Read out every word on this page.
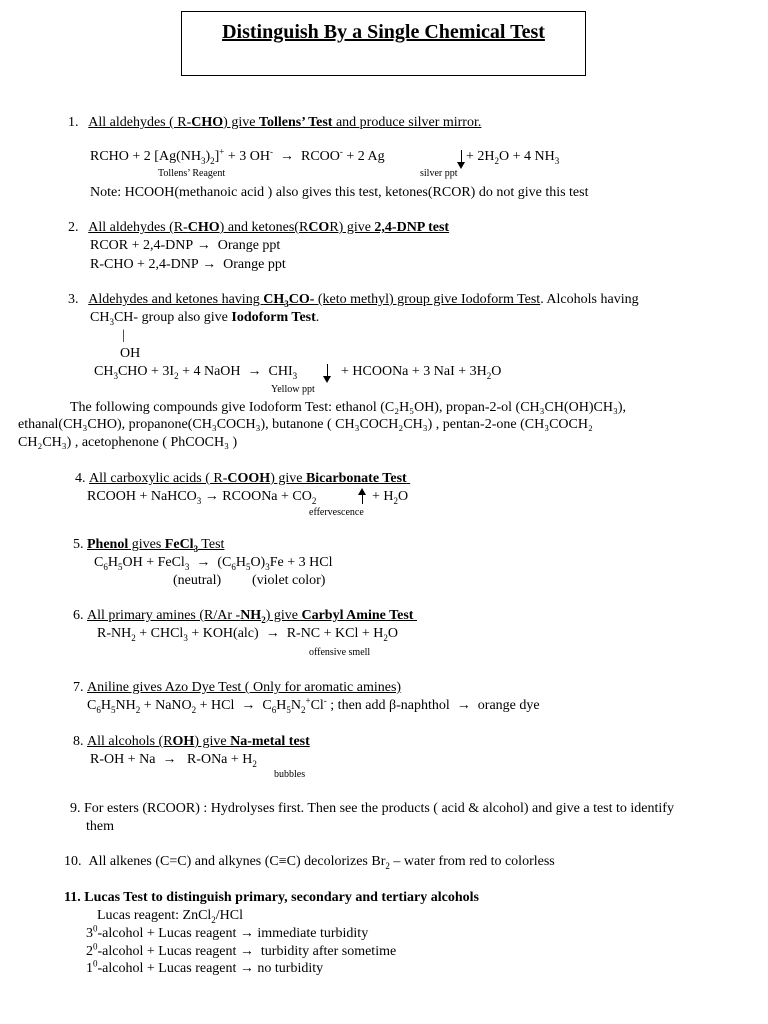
Distinguish By a Single Chemical Test
1. All aldehydes ( R-CHO) give Tollens’ Test and produce silver mirror.
RCHO + 2 $[Ag(NH_3)_2]^+ + 3$ OH- → RCOO- + 2 Ag	+ $2H_2O + 4$ $NH_3$
Tollens’ Reagent	silver ppt
Note: HCOOH(methanoic acid ) also gives this test, ketones(RCOR) do not give this test
2. All aldehydes (R-CHO) and ketones(RCOR) give 2,4-DNP test
RCOR + 2,4-DNP → Orange ppt
R-CHO + 2,4-DNP → Orange ppt
3. Aldehydes and ketones having $CH_3CO-$ (keto methyl) group give Iodoform Test. Alcohols having
$CH_3CH-$ group also give Iodoform Test.
|
OH
$CH_3CHO + 3I_2 + 4$ NaOH → $CHI_3$	+ HCOONa + 3 NaI + $3H_2O$
Yellow ppt
The following compounds give Iodoform Test: ethanol (C₂H₅OH), propan-2-ol (CH₃CH(OH)CH₃),
ethanal(CH₃CHO), propanone(CH₃COCH₃), butanone ( CH₃COCH₂CH₃) , pentan-2-one (CH₃COCH₂
CH₂CH₃) , acetophenone ( PhCOCH₃ )
4. All carboxylic acids ( R-COOH) give Bicarbonate Test
RCOOH + NaHCO$_3$ → RCOONa + $CO_2$	+ $H_2O$
effervescence
5. Phenol gives FeCl$_3$ Test
$C_6H_5OH$ + FeCl$_3$ → $(C_6H_5O)_3Fe + 3$ HCl
(neutral) (violet color)
6. All primary amines (R/Ar $-NH_2$) give Carbyl Amine Test
$R-NH_2$ + CHCl$_3$ + KOH(alc) → R-NC + KCl + $H_2O$
offensive smell
7. Aniline gives Azo Dye Test ( Only for aromatic amines)
$C_6H_5NH_2$ + NaNO$_2$ + HCl → $C_6H_5N_2^+Cl^-$ ; then add β-naphthol → orange dye
8. All alcohols (ROH) give Na-metal test
$R-OH + Na \to R-ONa + H_2$
bubbles
9. For esters (RCOOR) : Hydrolyses first. Then see the products ( acid & alcohol) and give a test to identify
them
10. All alkenes (C=C) and alkynes (C≡C) decolorizes $Br_2$ – water from red to colorless
11. Lucas Test to distinguish primary, secondary and tertiary alcohols
Lucas reagent: ZnCl$_2$/HCl
$3^0$-alcohol + Lucas reagent → immediate turbidity
$2^0$-alcohol + Lucas reagent →  turbidity after sometime
$1^0$-alcohol + Lucas reagent → no turbidity
